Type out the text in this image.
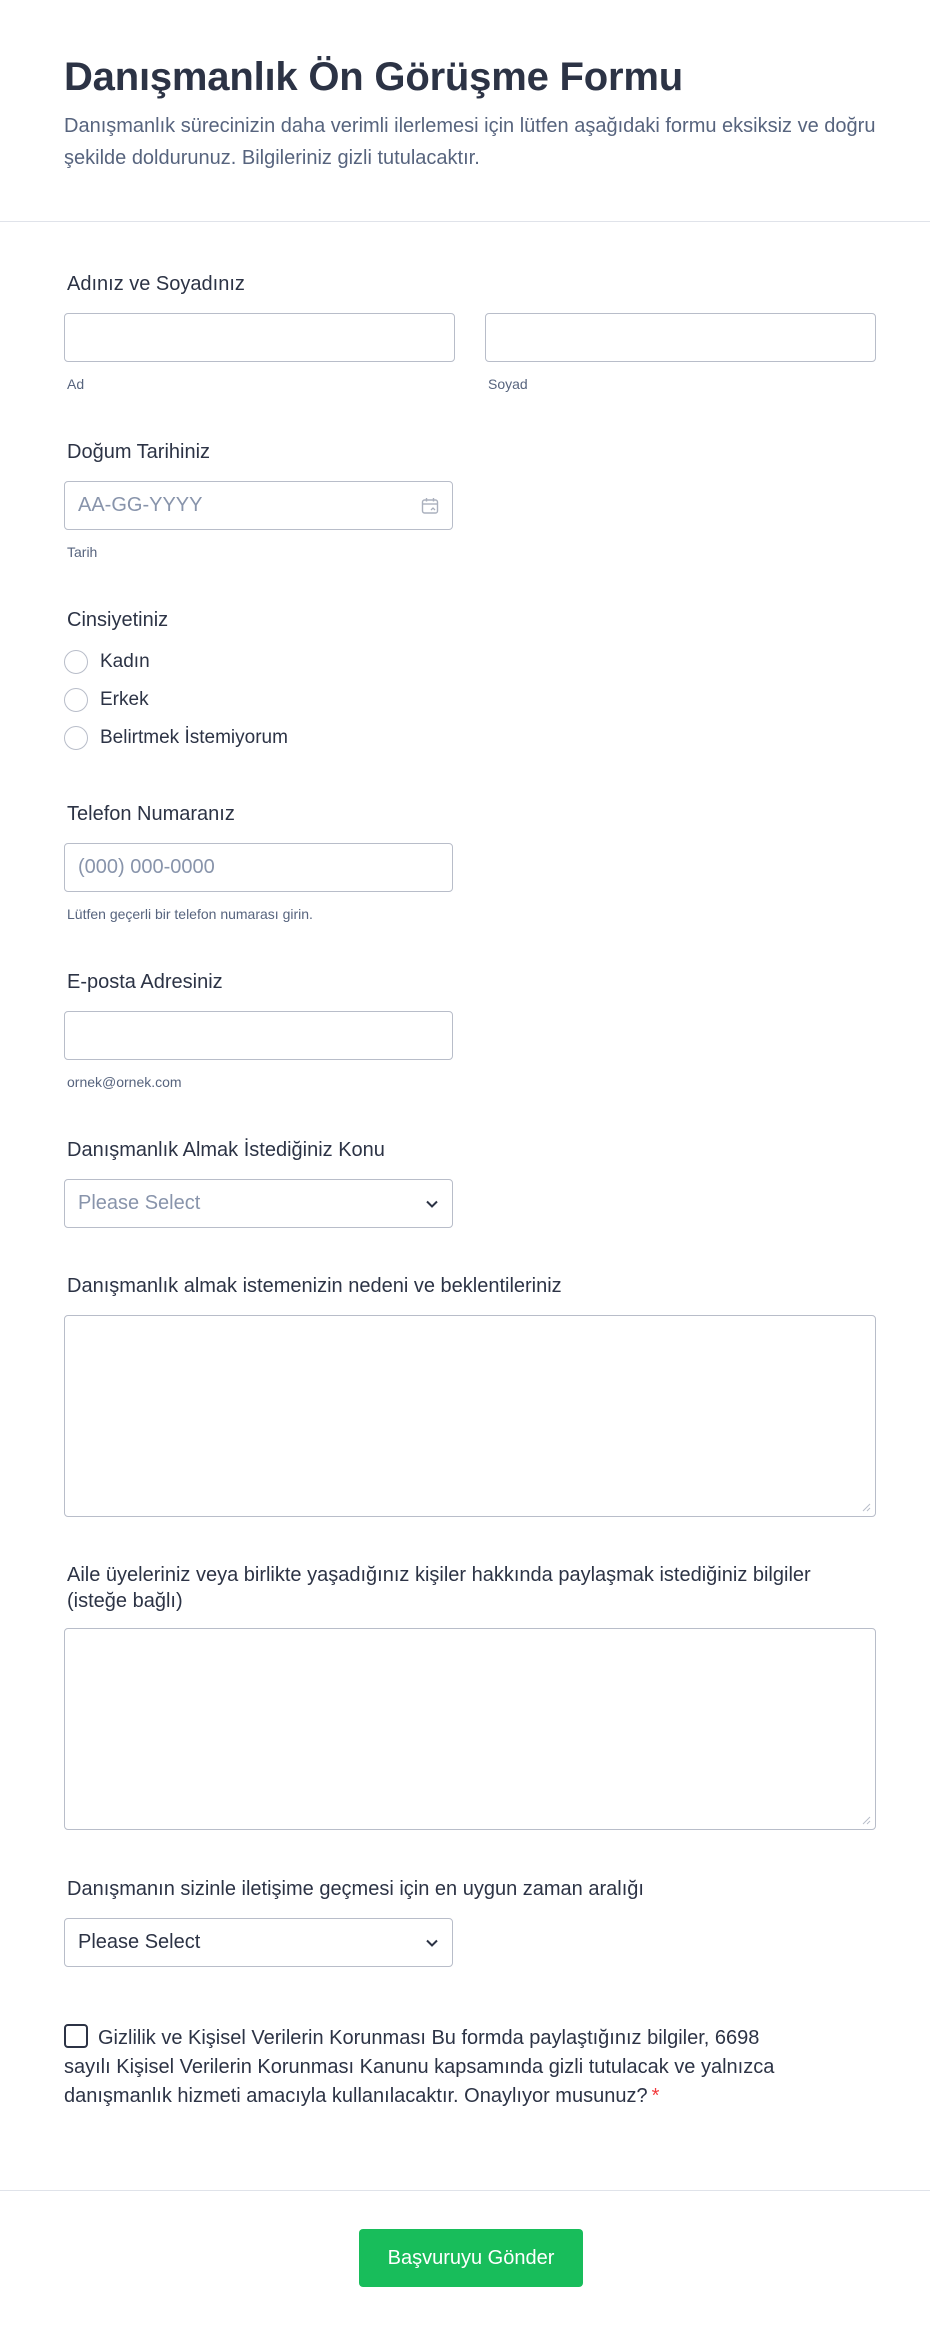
Danışmanlık Ön Görüşme Formu

Danışmanlık sürecinizin daha verimli ilerlemesi için lütfen aşağıdaki formu eksiksiz ve doğru şekilde doldurunuz. Bilgileriniz gizli tutulacaktır.

Adınız ve Soyadınız
Ad	Soyad
Doğum Tarihiniz
AA-GG-YYYY
Tarih
Cinsiyetiniz
Kadın
Erkek
Belirtmek İstemiyorum
Telefon Numaranız
(000) 000-0000
Lütfen geçerli bir telefon numarası girin.
E-posta Adresiniz
ornek@ornek.com
Danışmanlık Almak İstediğiniz Konu
Please Select
Danışmanlık almak istemenizin nedeni ve beklentileriniz
Aile üyeleriniz veya birlikte yaşadığınız kişiler hakkında paylaşmak istediğiniz bilgiler (isteğe bağlı)
Danışmanın sizinle iletişime geçmesi için en uygun zaman aralığı
Please Select
Gizlilik ve Kişisel Verilerin Korunması Bu formda paylaştığınız bilgiler, 6698 sayılı Kişisel Verilerin Korunması Kanunu kapsamında gizli tutulacak ve yalnızca danışmanlık hizmeti amacıyla kullanılacaktır. Onaylıyor musunuz? *
Başvuruyu Gönder
